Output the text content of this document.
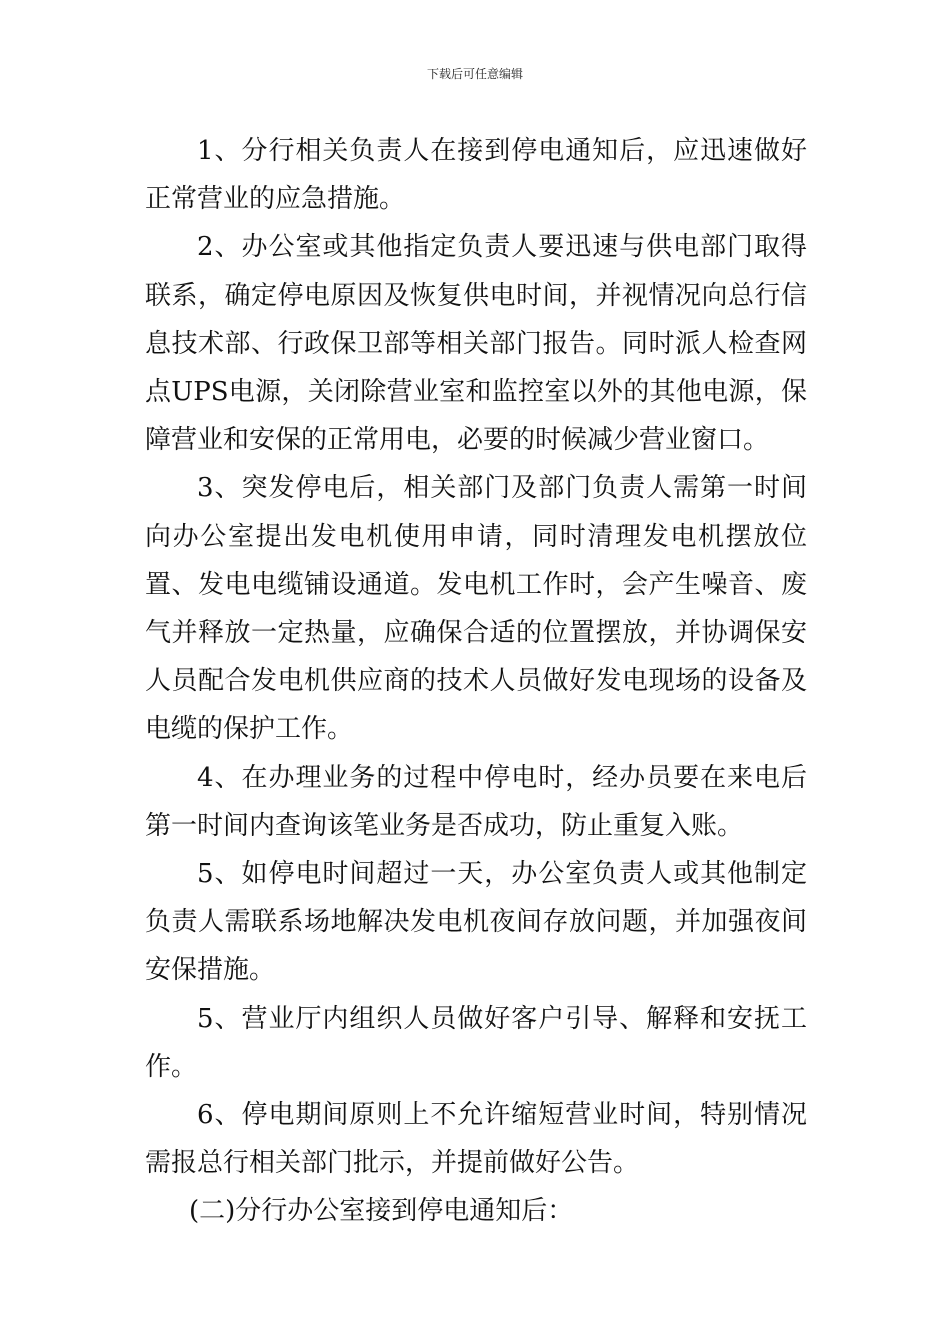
下载后可任意编辑

1、分行相关负责人在接到停电通知后，应迅速做好正常营业的应急措施。

2、办公室或其他指定负责人要迅速与供电部门取得联系，确定停电原因及恢复供电时间，并视情况向总行信息技术部、行政保卫部等相关部门报告。同时派人检查网点UPS电源，关闭除营业室和监控室以外的其他电源，保障营业和安保的正常用电，必要的时候减少营业窗口。

3、突发停电后，相关部门及部门负责人需第一时间向办公室提出发电机使用申请，同时清理发电机摆放位置、发电电缆铺设通道。发电机工作时，会产生噪音、废气并释放一定热量，应确保合适的位置摆放，并协调保安人员配合发电机供应商的技术人员做好发电现场的设备及电缆的保护工作。

4、在办理业务的过程中停电时，经办员要在来电后第一时间内查询该笔业务是否成功，防止重复入账。

5、如停电时间超过一天，办公室负责人或其他制定负责人需联系场地解决发电机夜间存放问题，并加强夜间安保措施。

5、营业厅内组织人员做好客户引导、解释和安抚工作。

6、停电期间原则上不允许缩短营业时间，特别情况需报总行相关部门批示，并提前做好公告。

(二)分行办公室接到停电通知后：
